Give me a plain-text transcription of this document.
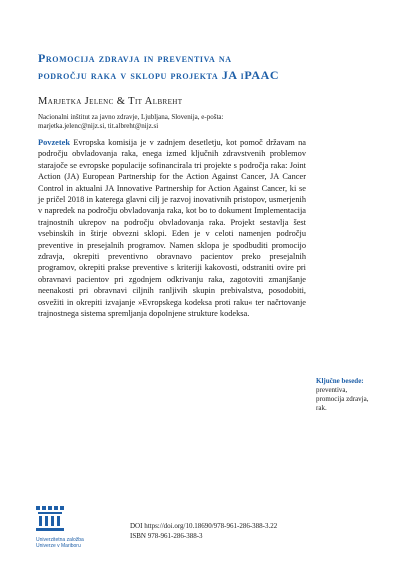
Promocija zdravja in preventiva na
področju raka v sklopu projekta JA iPAAC

Marjetka Jelenc & Tit Albreht

Nacionalni inštitut za javno zdravje, Ljubljana, Slovenija, e-pošta:
marjetka.jelenc@nijz.si, tit.albreht@nijz.si

Povzetek Evropska komisija je v zadnjem desetletju, kot pomoč državam na področju obvladovanja raka, enega izmed ključnih zdravstvenih problemov starajoče se evropske populacije sofinancirala tri projekte s področja raka: Joint Action (JA) European Partnership for the Action Against Cancer, JA Cancer Control in aktualni JA Innovative Partnership for Action Against Cancer, ki se je pričel 2018 in katerega glavni cilj je razvoj inovativnih pristopov, usmerjenih v napredek na področju obvladovanja raka, kot bo to dokument Implementacija trajnostnih ukrepov na področju obvladovanja raka. Projekt sestavlja šest vsebinskih in štirje obvezni sklopi. Eden je v celoti namenjen področju preventive in presejalnih programov. Namen sklopa je spodbuditi promocijo zdravja, okrepiti preventivno obravnavo pacientov preko presejalnih programov, okrepiti prakse preventive s kriteriji kakovosti, odstraniti ovire pri obravnavi pacientov pri zgodnjem odkrivanju raka, zagotoviti zmanjšanje neenakosti pri obravnavi ciljnih ranljivih skupin prebivalstva, posodobiti, osvežiti in okrepiti izvajanje »Evropskega kodeksa proti raku« ter načrtovanje trajnostnega sistema spremljanja dopolnjene strukture kodeksa.

Ključne besede:
preventiva,
promocija zdravja,
rak.
Univerzitetna založba
Univerze v Mariboru
DOI https://doi.org/10.18690/978-961-286-388-3.22
ISBN 978-961-286-388-3
